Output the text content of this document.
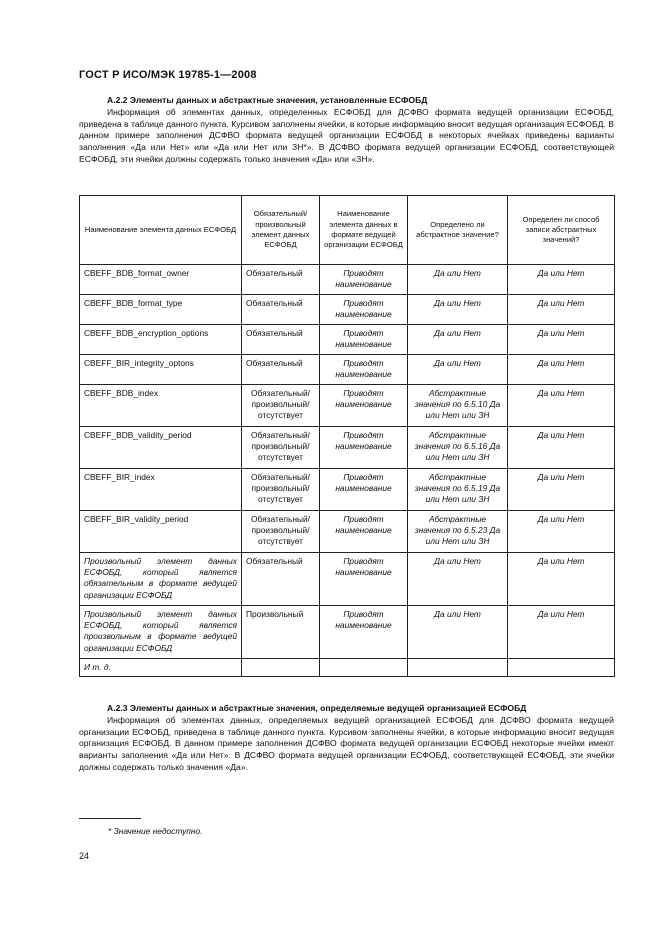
ГОСТ Р ИСО/МЭК 19785-1—2008
А.2.2 Элементы данных и абстрактные значения, установленные ЕСФОБД
Информация об элементах данных, определенных ЕСФОБД для ДСФВО формата ведущей организации ЕСФОБД, приведена в таблице данного пункта. Курсивом заполнены ячейки, в которые информацию вносит ведущая организация ЕСФОБД. В данном примере заполнения ДСФВО формата ведущей организации ЕСФОБД в некоторых ячейках приведены варианты заполнения «Да или Нет» или «Да или Нет или ЗН*». В ДСФВО формата ведущей организации ЕСФОБД, соответствующей ЕСФОБД, эти ячейки должны содержать только значения «Да» или «ЗН».
Наименование элемента данных ЕСФОБД	Обязательный/ произвольный элемент данных ЕСФОБД	Наименование элемента данных в формате ведущей организации ЕСФОБД	Определено ли абстрактное значение?	Определен ли способ записи абстрактных значений?
CBEFF_BDB_format_owner	Обязательный	Приводят наименование	Да или Нет	Да или Нет
CBEFF_BDB_format_type	Обязательный	Приводят наименование	Да или Нет	Да или Нет
CBEFF_BDB_encryption_options	Обязательный	Приводят наименование	Да или Нет	Да или Нет
CBEFF_BIR_integrity_optons	Обязательный	Приводят наименование	Да или Нет	Да или Нет
CBEFF_BDB_index	Обязательный/ произвольный/ отсутствует	Приводят наименование	Абстрактные значения по 6.5.10 Да или Нет или ЗН	Да или Нет
CBEFF_BDB_validity_period	Обязательный/ произвольный/ отсутствует	Приводят наименование	Абстрактные значения по 6.5.16 Да или Нет или ЗН	Да или Нет
CBEFF_BIR_index	Обязательный/ произвольный/ отсутствует	Приводят наименование	Абстрактные значения по 6.5.19 Да или Нет или ЗН	Да или Нет
CBEFF_BIR_validity_period	Обязательный/ произвольный/ отсутствует	Приводят наименование	Абстрактные значения по 6.5.23 Да или Нет или ЗН	Да или Нет
Произвольный элемент данных ЕСФОБД, который является обязательным в формате ведущей организации ЕСФОБД	Обязательный	Приводят наименование	Да или Нет	Да или Нет
Произвольный элемент данных ЕСФОБД, который является произвольным в формате ведущей организации ЕСФОБД	Произвольный	Приводят наименование	Да или Нет	Да или Нет
И т. д.				
А.2.3 Элементы данных и абстрактные значения, определяемые ведущей организацией ЕСФОБД
Информация об элементах данных, определяемых ведущей организацией ЕСФОБД для ДСФВО формата ведущей организации ЕСФОБД, приведена в таблице данного пункта. Курсивом заполнены ячейки, в которые информацию вносит ведущая организация ЕСФОБД. В данном примере заполнения ДСФВО формата ведущей организации ЕСФОБД некоторые ячейки имеют варианты заполнения «Да или Нет». В ДСФВО формата ведущей организации ЕСФОБД, соответствующей ЕСФОБД, эти ячейки должны содержать только значения «Да».
* Значение недоступно.
24
